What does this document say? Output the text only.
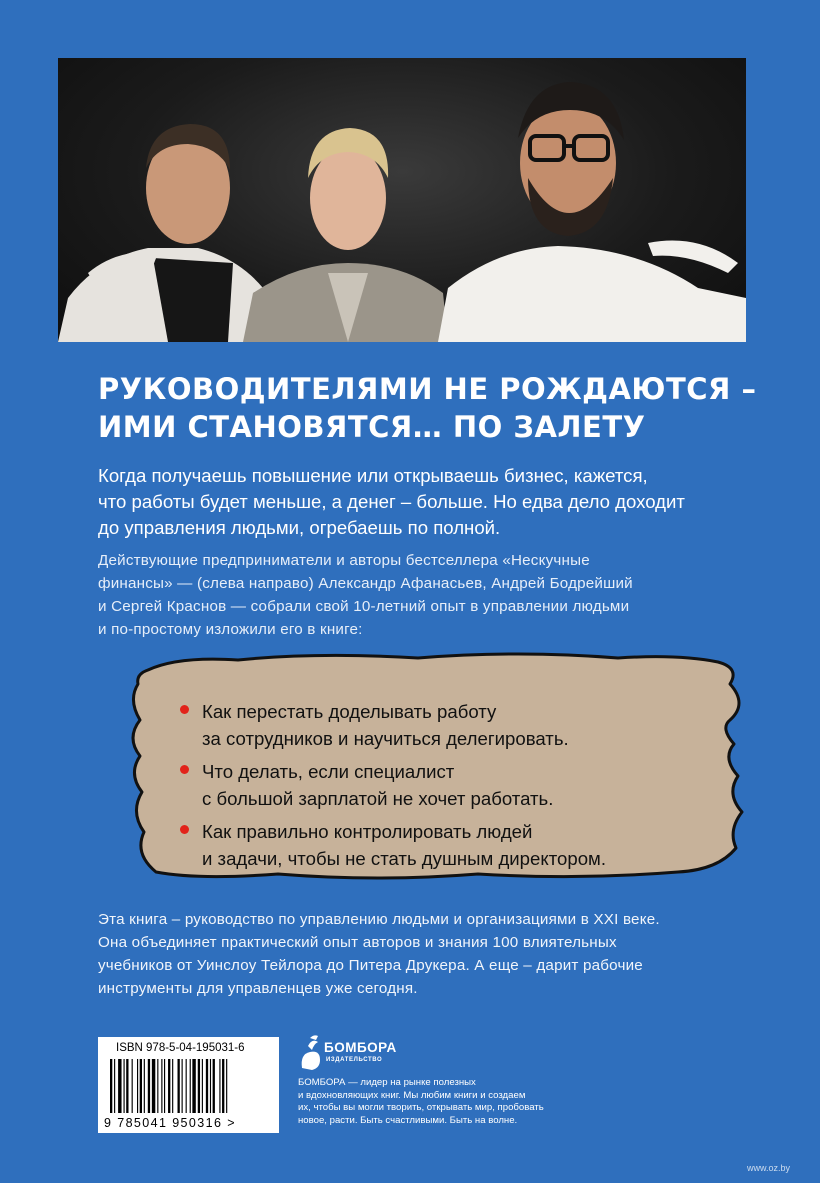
РУКОВОДИТЕЛЯМИ НЕ РОЖДАЮТСЯ –
ИМИ СТАНОВЯТСЯ… ПО ЗАЛЕТУ
Когда получаешь повышение или открываешь бизнес, кажется,
что работы будет меньше, а денег – больше. Но едва дело доходит
до управления людьми, огребаешь по полной.
Действующие предприниматели и авторы бестселлера «Нескучные
финансы» — (слева направо) Александр Афанасьев, Андрей Бодрейший
и Сергей Краснов — собрали свой 10-летний опыт в управлении людьми
и по-простому изложили его в книге:
Как перестать доделывать работу
за сотрудников и научиться делегировать.
Что делать, если специалист
с большой зарплатой не хочет работать.
Как правильно контролировать людей
и задачи, чтобы не стать душным директором.
Эта книга – руководство по управлению людьми и организациями в XXI веке.
Она объединяет практический опыт авторов и знания 100 влиятельных
учебников от Уинслоу Тейлора до Питера Друкера. А еще – дарит рабочие
инструменты для управленцев уже сегодня.
ISBN 978-5-04-195031-6
9 785041 950316 >
БОМБОРА
ИЗДАТЕЛЬСТВО
БОМБОРА — лидер на рынке полезных
и вдохновляющих книг. Мы любим книги и создаем
их, чтобы вы могли творить, открывать мир, пробовать
новое, расти. Быть счастливыми. Быть на волне.
www.oz.by
